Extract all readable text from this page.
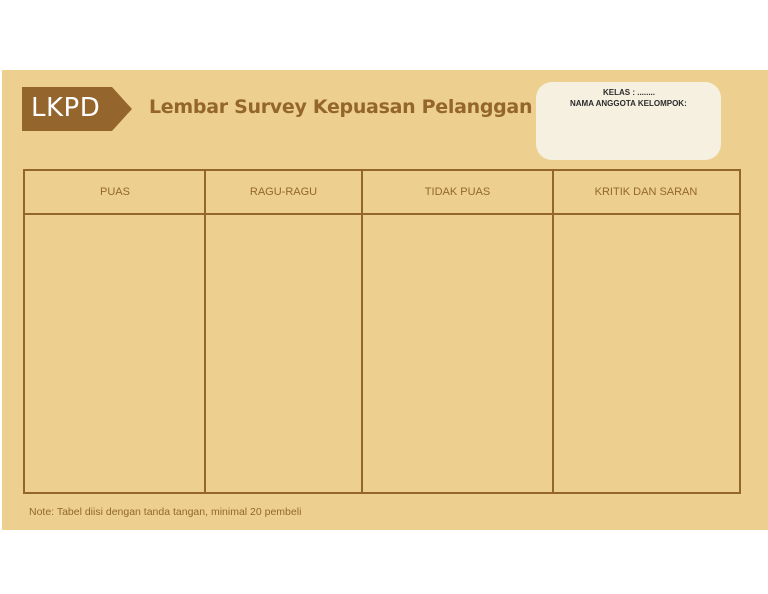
LKPD	Lembar Survey Kepuasan Pelanggan
KELAS : ........
NAMA ANGGOTA KELOMPOK:
PUAS	RAGU-RAGU	TIDAK PUAS	KRITIK DAN SARAN
Note: Tabel diisi dengan tanda tangan, minimal 20 pembeli
